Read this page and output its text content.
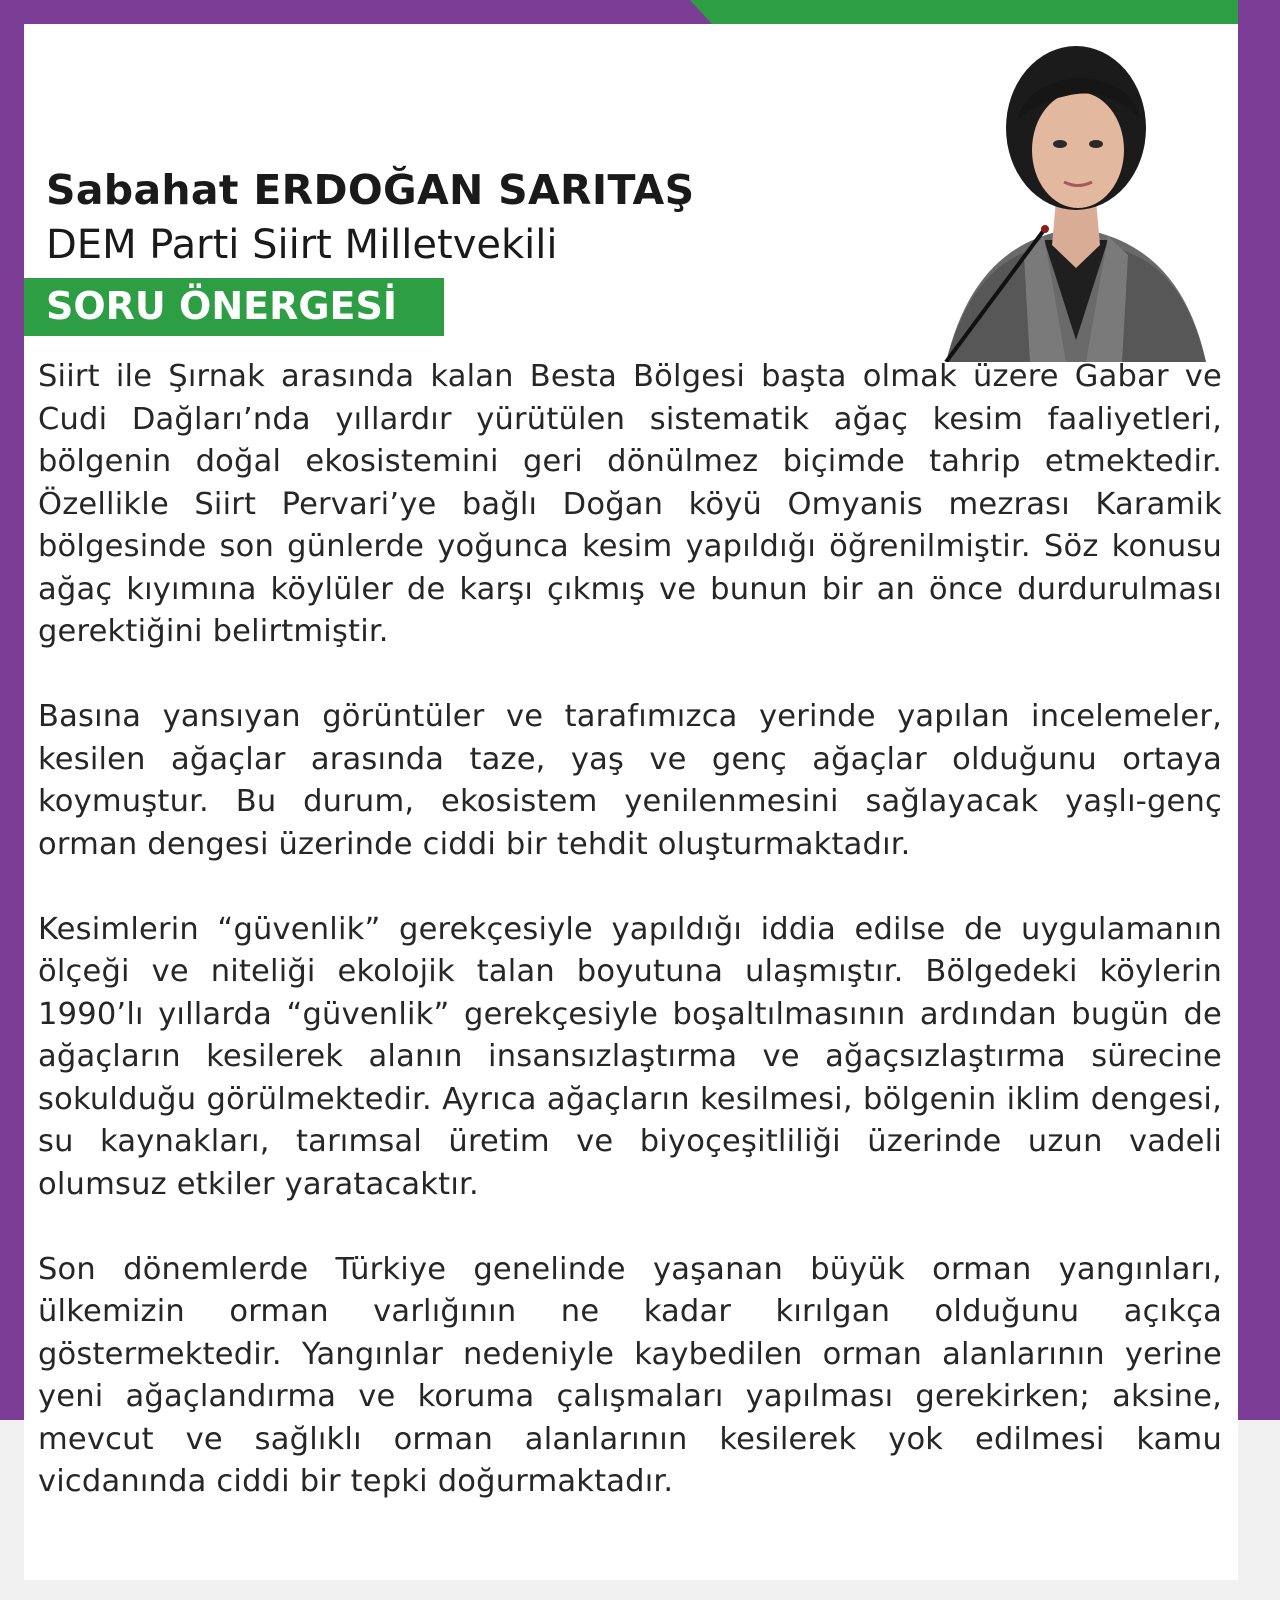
Sabahat ERDOĞAN SARITAŞ
DEM Parti Siirt Milletvekili
SORU ÖNERGESİ

Siirt ile Şırnak arasında kalan Besta Bölgesi başta olmak üzere Gabar ve Cudi Dağları’nda yıllardır yürütülen sistematik ağaç kesim faaliyetleri, bölgenin doğal ekosistemini geri dönülmez biçimde tahrip etmektedir. Özellikle Siirt Pervari’ye bağlı Doğan köyü Omyanis mezrası Karamik bölgesinde son günlerde yoğunca kesim yapıldığı öğrenilmiştir. Söz konusu ağaç kıyımına köylüler de karşı çıkmış ve bunun bir an önce durdurulması gerektiğini belirtmiştir.

Basına yansıyan görüntüler ve tarafımızca yerinde yapılan incelemeler, kesilen ağaçlar arasında taze, yaş ve genç ağaçlar olduğunu ortaya koymuştur. Bu durum, ekosistem yenilenmesini sağlayacak yaşlı-genç orman dengesi üzerinde ciddi bir tehdit oluşturmaktadır.

Kesimlerin “güvenlik” gerekçesiyle yapıldığı iddia edilse de uygulamanın ölçeği ve niteliği ekolojik talan boyutuna ulaşmıştır. Bölgedeki köylerin 1990’lı yıllarda “güvenlik” gerekçesiyle boşaltılmasının ardından bugün de ağaçların kesilerek alanın insansızlaştırma ve ağaçsızlaştırma sürecine sokulduğu görülmektedir. Ayrıca ağaçların kesilmesi, bölgenin iklim dengesi, su kaynakları, tarımsal üretim ve biyoçeşitliliği üzerinde uzun vadeli olumsuz etkiler yaratacaktır.

Son dönemlerde Türkiye genelinde yaşanan büyük orman yangınları, ülkemizin orman varlığının ne kadar kırılgan olduğunu açıkça göstermektedir. Yangınlar nedeniyle kaybedilen orman alanlarının yerine yeni ağaçlandırma ve koruma çalışmaları yapılması gerekirken; aksine, mevcut ve sağlıklı orman alanlarının kesilerek yok edilmesi kamu vicdanında ciddi bir tepki doğurmaktadır.
